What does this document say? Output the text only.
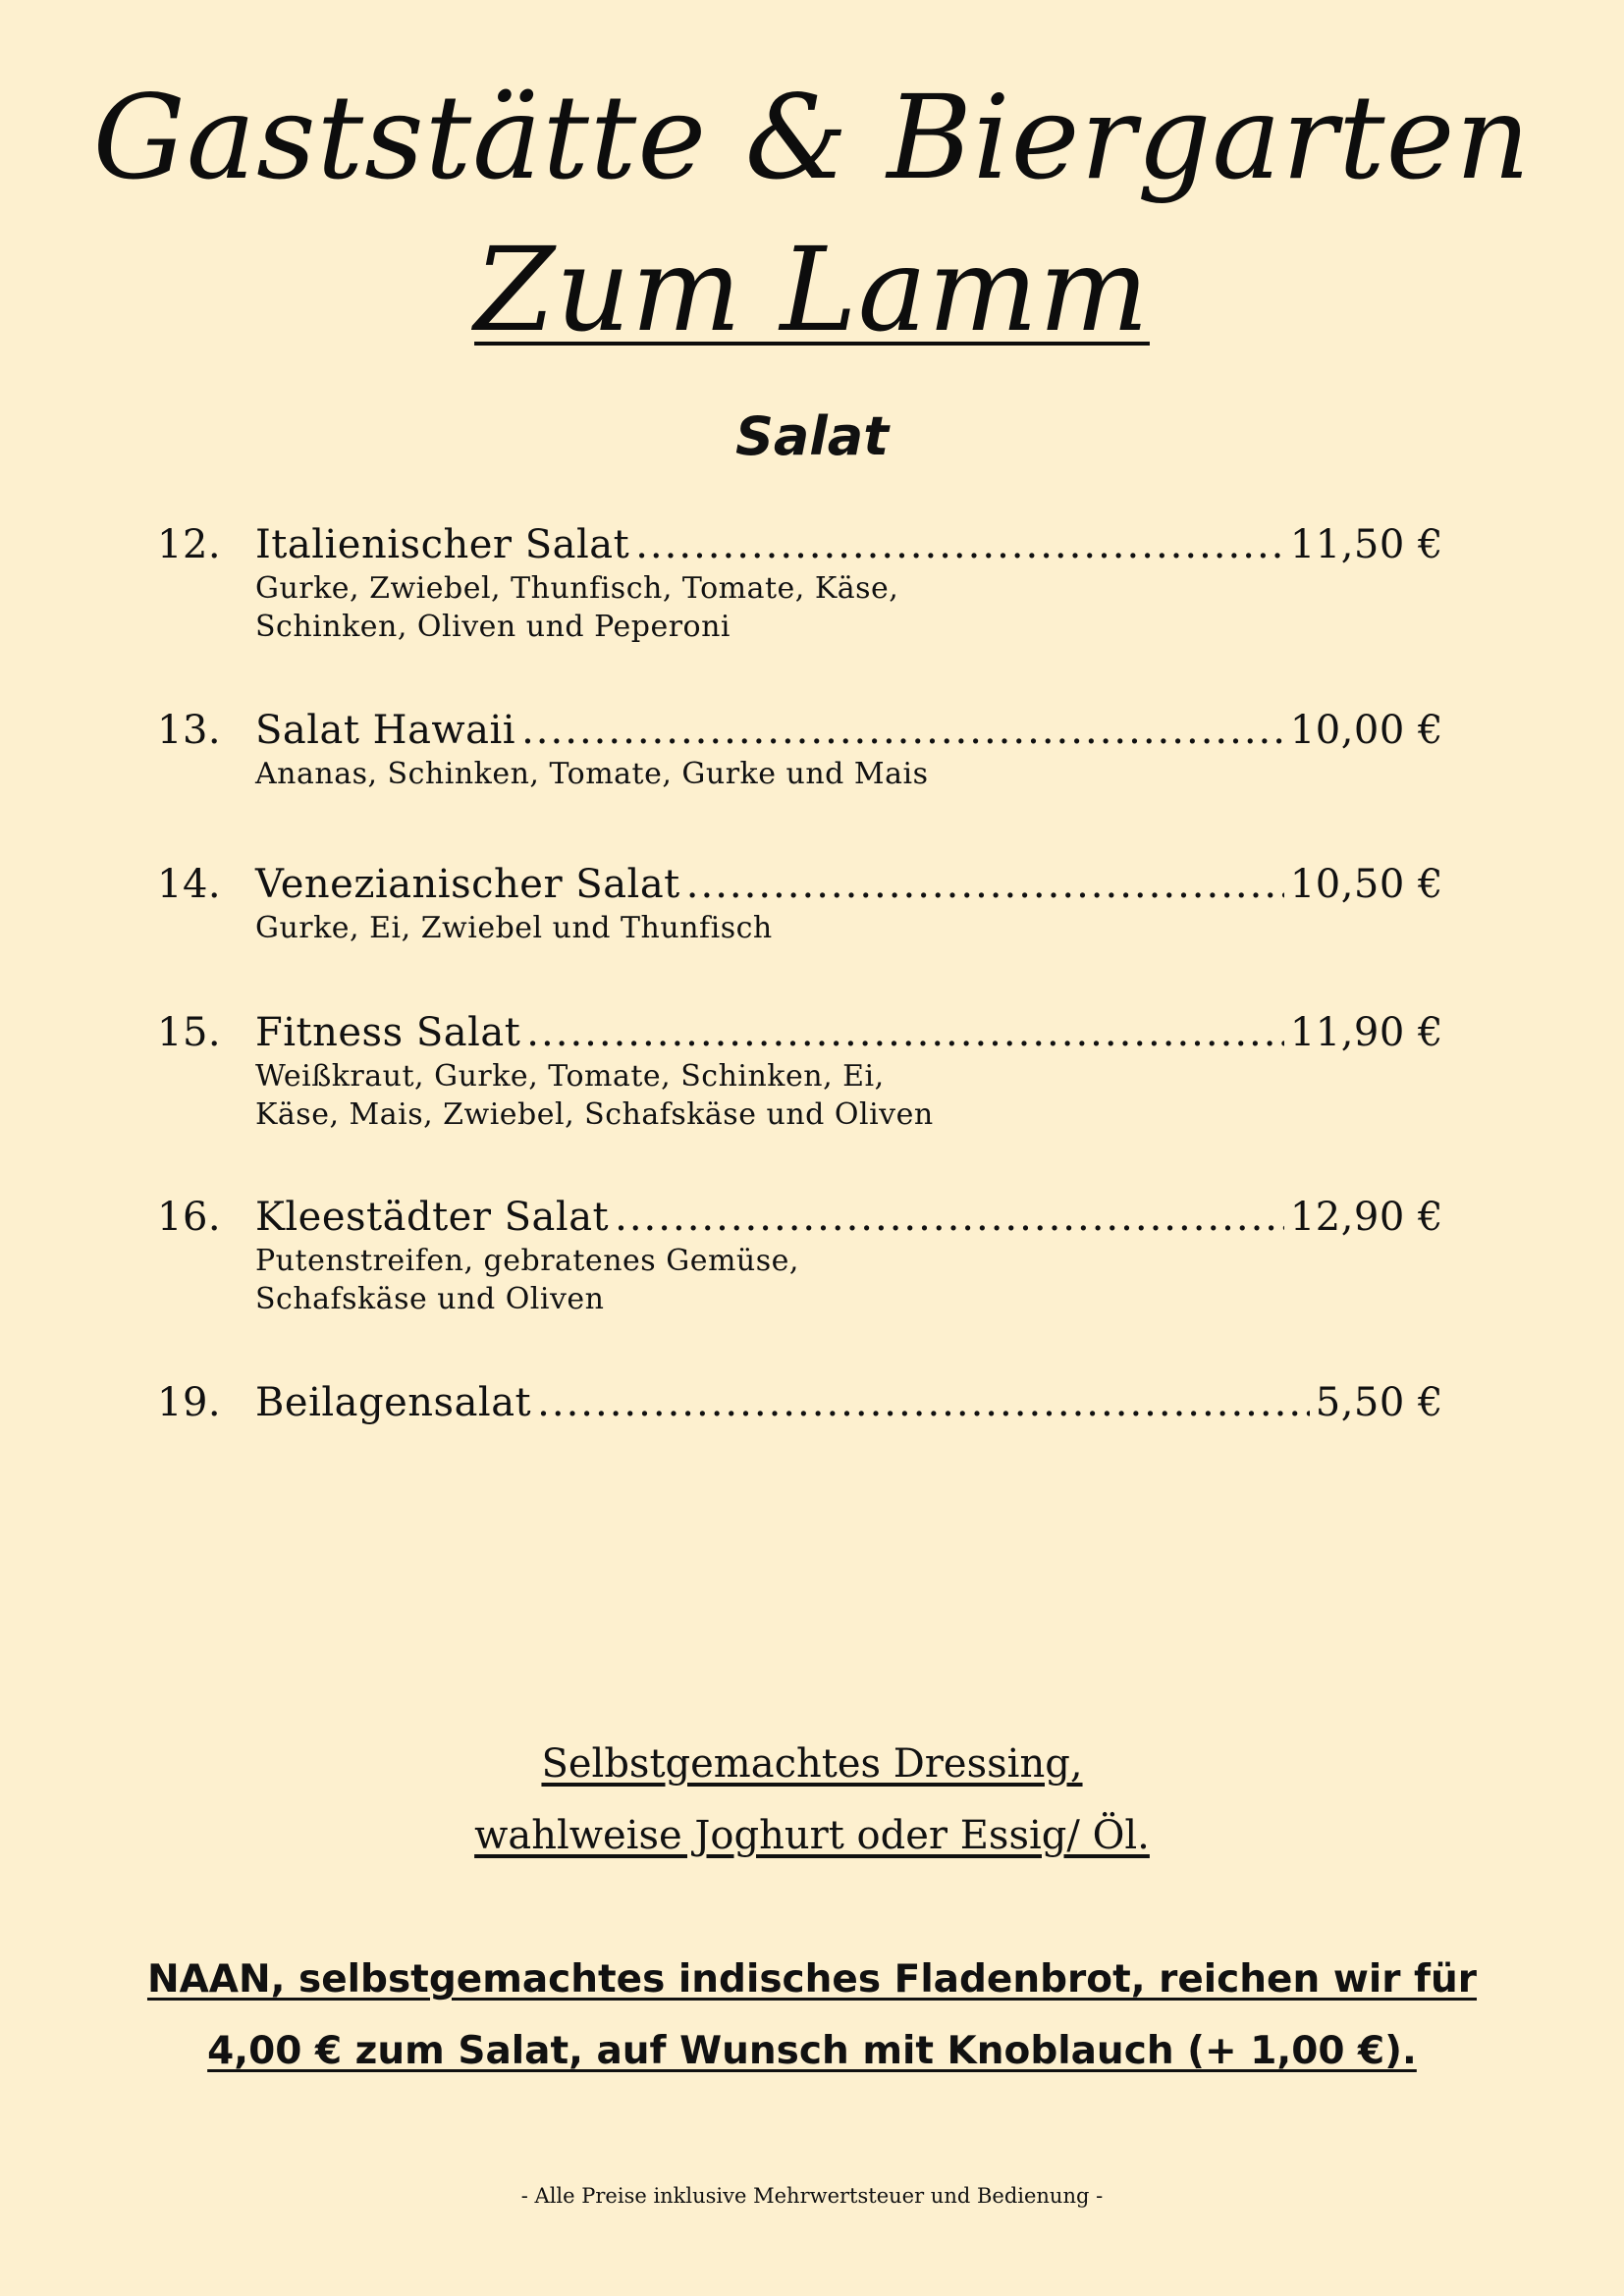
Gaststätte & Biergarten
Zum Lamm
Salat
12. Italienischer Salat .....	11,50 €
Gurke, Zwiebel, Thunfisch, Tomate, Käse,
Schinken, Oliven und Peperoni
13. Salat Hawaii .....	10,00 €
Ananas, Schinken, Tomate, Gurke und Mais
14. Venezianischer Salat .....	10,50 €
Gurke, Ei, Zwiebel und Thunfisch
15. Fitness Salat .....	11,90 €
Weißkraut, Gurke, Tomate, Schinken, Ei,
Käse, Mais, Zwiebel, Schafskäse und Oliven
16. Kleestädter Salat .....	12,90 €
Putenstreifen, gebratenes Gemüse,
Schafskäse und Oliven
19. Beilagensalat .....	5,50 €

Selbstgemachtes Dressing,

wahlweise Joghurt oder Essig/ Öl.

NAAN, selbstgemachtes indisches Fladenbrot, reichen wir für

4,00 € zum Salat, auf Wunsch mit Knoblauch (+ 1,00 €).

- Alle Preise inklusive Mehrwertsteuer und Bedienung -
